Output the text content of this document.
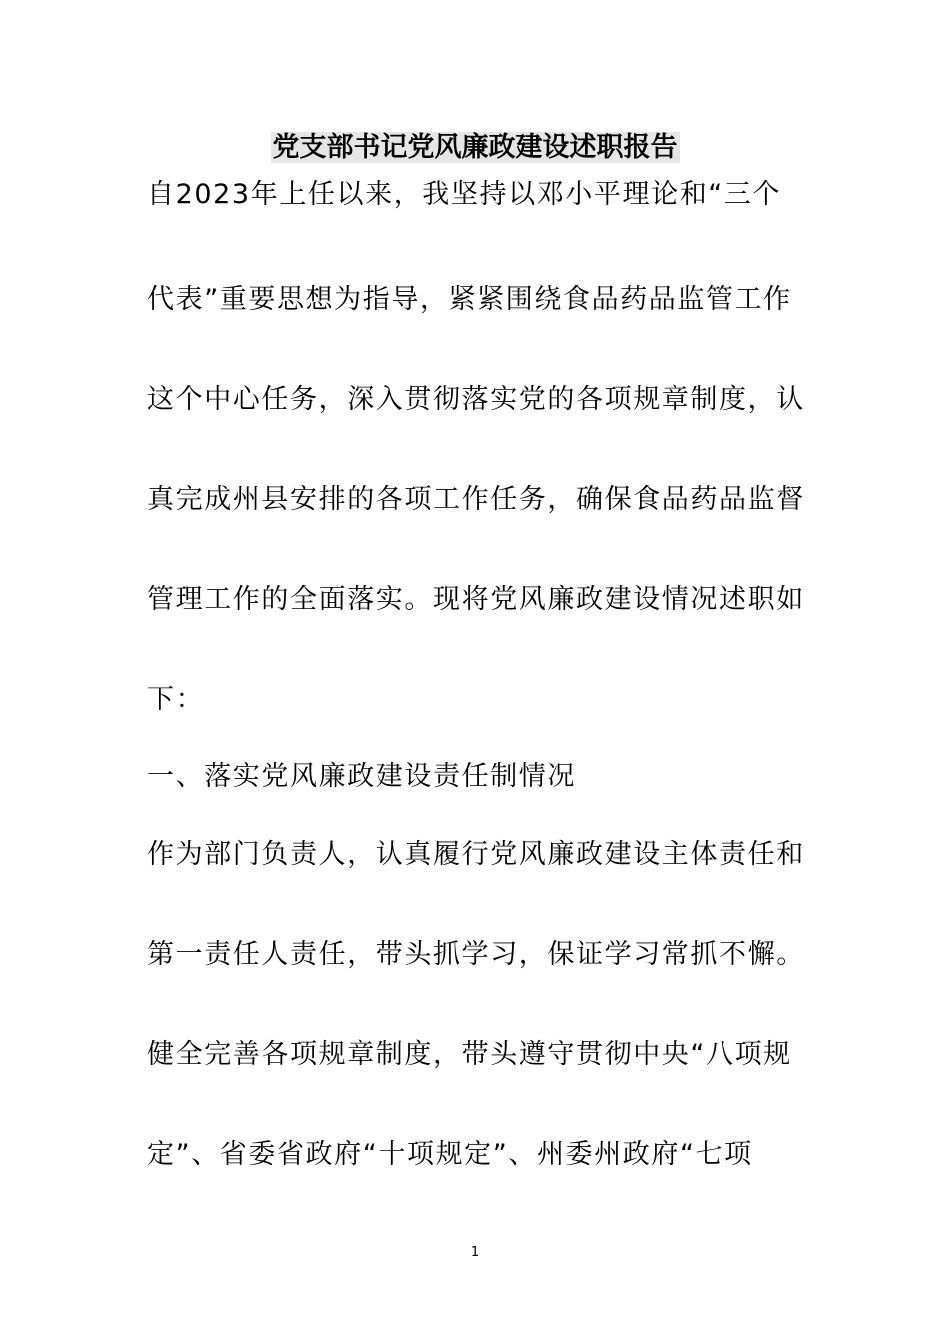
党支部书记党风廉政建设述职报告
自2023年上任以来，我坚持以邓小平理论和“三个
代表”重要思想为指导，紧紧围绕食品药品监管工作
这个中心任务，深入贯彻落实党的各项规章制度，认
真完成州县安排的各项工作任务，确保食品药品监督
管理工作的全面落实。现将党风廉政建设情况述职如
下：
一、落实党风廉政建设责任制情况
作为部门负责人，认真履行党风廉政建设主体责任和
第一责任人责任，带头抓学习，保证学习常抓不懈。
健全完善各项规章制度，带头遵守贯彻中央“八项规
定”、省委省政府“十项规定”、州委州政府“七项
1
